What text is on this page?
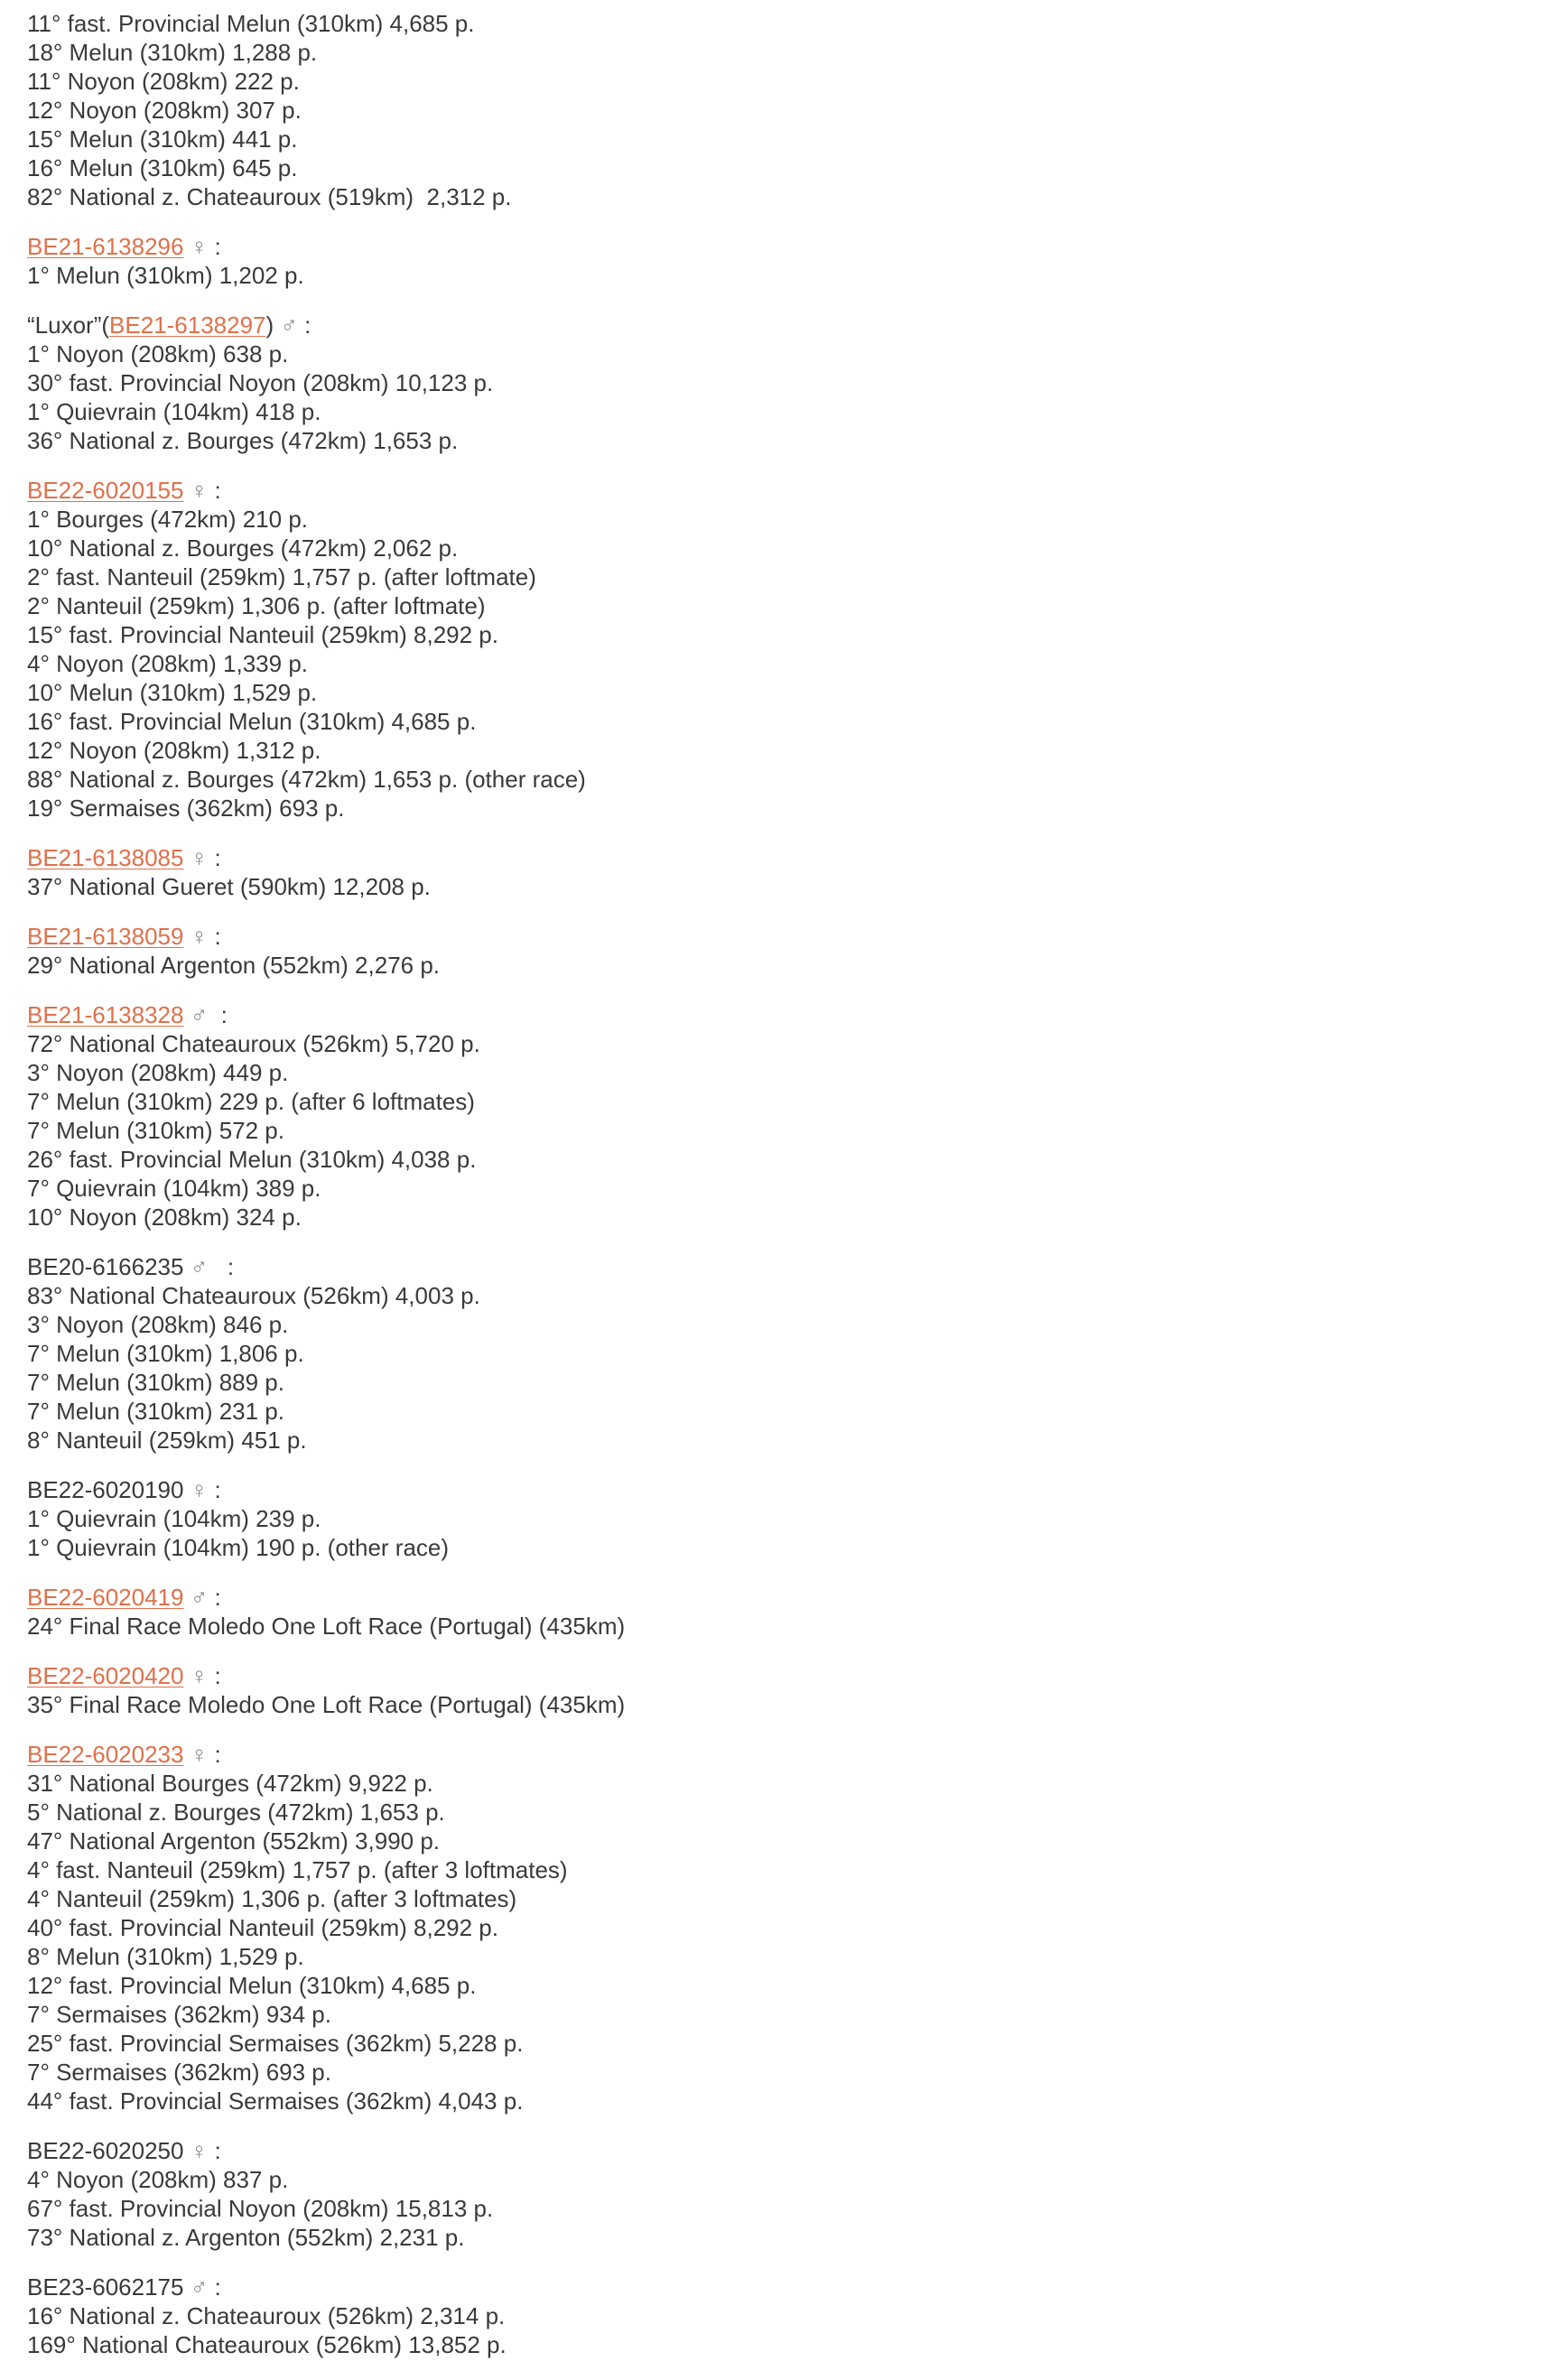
11° fast. Provincial Melun (310km) 4,685 p.
18° Melun (310km) 1,288 p.
11° Noyon (208km) 222 p.
12° Noyon (208km) 307 p.
15° Melun (310km) 441 p.
16° Melun (310km) 645 p.
82° National z. Chateauroux (519km)  2,312 p.
BE21-6138296 ♀ :
1° Melun (310km) 1,202 p.
“Luxor”(BE21-6138297) ♂ :
1° Noyon (208km) 638 p.
30° fast. Provincial Noyon (208km) 10,123 p.
1° Quievrain (104km) 418 p.
36° National z. Bourges (472km) 1,653 p.
BE22-6020155 ♀ :
1° Bourges (472km) 210 p.
10° National z. Bourges (472km) 2,062 p.
2° fast. Nanteuil (259km) 1,757 p. (after loftmate)
2° Nanteuil (259km) 1,306 p. (after loftmate)
15° fast. Provincial Nanteuil (259km) 8,292 p.
4° Noyon (208km) 1,339 p.
10° Melun (310km) 1,529 p.
16° fast. Provincial Melun (310km) 4,685 p.
12° Noyon (208km) 1,312 p.
88° National z. Bourges (472km) 1,653 p. (other race)
19° Sermaises (362km) 693 p.
BE21-6138085 ♀ :
37° National Gueret (590km) 12,208 p.
BE21-6138059 ♀ :
29° National Argenton (552km) 2,276 p.
BE21-6138328 ♂  :
72° National Chateauroux (526km) 5,720 p.
3° Noyon (208km) 449 p.
7° Melun (310km) 229 p. (after 6 loftmates)
7° Melun (310km) 572 p.
26° fast. Provincial Melun (310km) 4,038 p.
7° Quievrain (104km) 389 p.
10° Noyon (208km) 324 p.
BE20-6166235 ♂   :
83° National Chateauroux (526km) 4,003 p.
3° Noyon (208km) 846 p.
7° Melun (310km) 1,806 p.
7° Melun (310km) 889 p.
7° Melun (310km) 231 p.
8° Nanteuil (259km) 451 p.
BE22-6020190 ♀ :
1° Quievrain (104km) 239 p.
1° Quievrain (104km) 190 p. (other race)
BE22-6020419 ♂ :
24° Final Race Moledo One Loft Race (Portugal) (435km)
BE22-6020420 ♀ :
35° Final Race Moledo One Loft Race (Portugal) (435km)
BE22-6020233 ♀ :
31° National Bourges (472km) 9,922 p.
5° National z. Bourges (472km) 1,653 p.
47° National Argenton (552km) 3,990 p.
4° fast. Nanteuil (259km) 1,757 p. (after 3 loftmates)
4° Nanteuil (259km) 1,306 p. (after 3 loftmates)
40° fast. Provincial Nanteuil (259km) 8,292 p.
8° Melun (310km) 1,529 p.
12° fast. Provincial Melun (310km) 4,685 p.
7° Sermaises (362km) 934 p.
25° fast. Provincial Sermaises (362km) 5,228 p.
7° Sermaises (362km) 693 p.
44° fast. Provincial Sermaises (362km) 4,043 p.
BE22-6020250 ♀ :
4° Noyon (208km) 837 p.
67° fast. Provincial Noyon (208km) 15,813 p.
73° National z. Argenton (552km) 2,231 p.
BE23-6062175 ♂ :
16° National z. Chateauroux (526km) 2,314 p.
169° National Chateauroux (526km) 13,852 p.
